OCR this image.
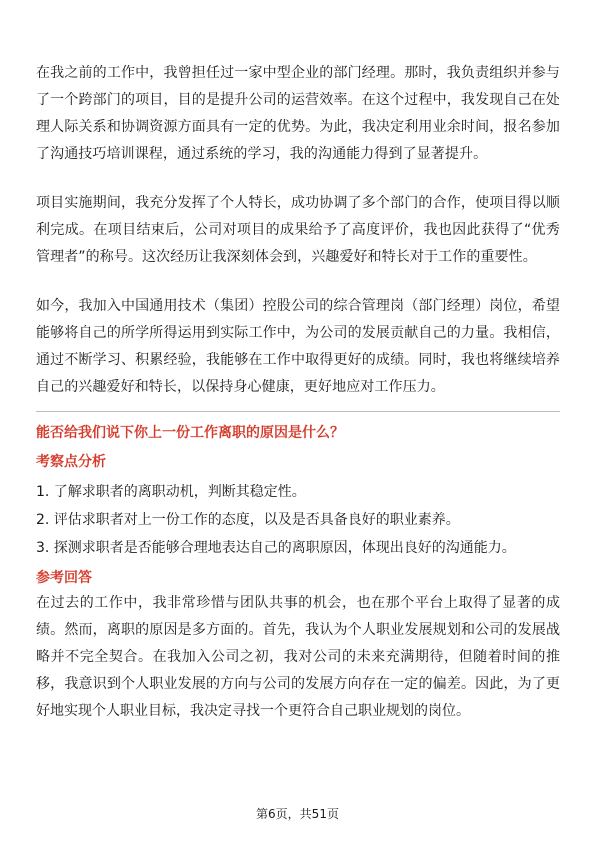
在我之前的工作中，我曾担任过一家中型企业的部门经理。那时，我负责组织并参与了一个跨部门的项目，目的是提升公司的运营效率。在这个过程中，我发现自己在处理人际关系和协调资源方面具有一定的优势。为此，我决定利用业余时间，报名参加了沟通技巧培训课程，通过系统的学习，我的沟通能力得到了显著提升。

项目实施期间，我充分发挥了个人特长，成功协调了多个部门的合作，使项目得以顺利完成。在项目结束后，公司对项目的成果给予了高度评价，我也因此获得了“优秀管理者”的称号。这次经历让我深刻体会到，兴趣爱好和特长对于工作的重要性。

如今，我加入中国通用技术（集团）控股公司的综合管理岗（部门经理）岗位，希望能够将自己的所学所得运用到实际工作中，为公司的发展贡献自己的力量。我相信，通过不断学习、积累经验，我能够在工作中取得更好的成绩。同时，我也将继续培养自己的兴趣爱好和特长，以保持身心健康，更好地应对工作压力。

能否给我们说下你上一份工作离职的原因是什么？
考察点分析
1. 了解求职者的离职动机，判断其稳定性。
2. 评估求职者对上一份工作的态度，以及是否具备良好的职业素养。
3. 探测求职者是否能够合理地表达自己的离职原因，体现出良好的沟通能力。
参考回答

在过去的工作中，我非常珍惜与团队共事的机会，也在那个平台上取得了显著的成绩。然而，离职的原因是多方面的。首先，我认为个人职业发展规划和公司的发展战略并不完全契合。在我加入公司之初，我对公司的未来充满期待，但随着时间的推移，我意识到个人职业发展的方向与公司的发展方向存在一定的偏差。因此，为了更好地实现个人职业目标，我决定寻找一个更符合自己职业规划的岗位。

第6页，共51页
